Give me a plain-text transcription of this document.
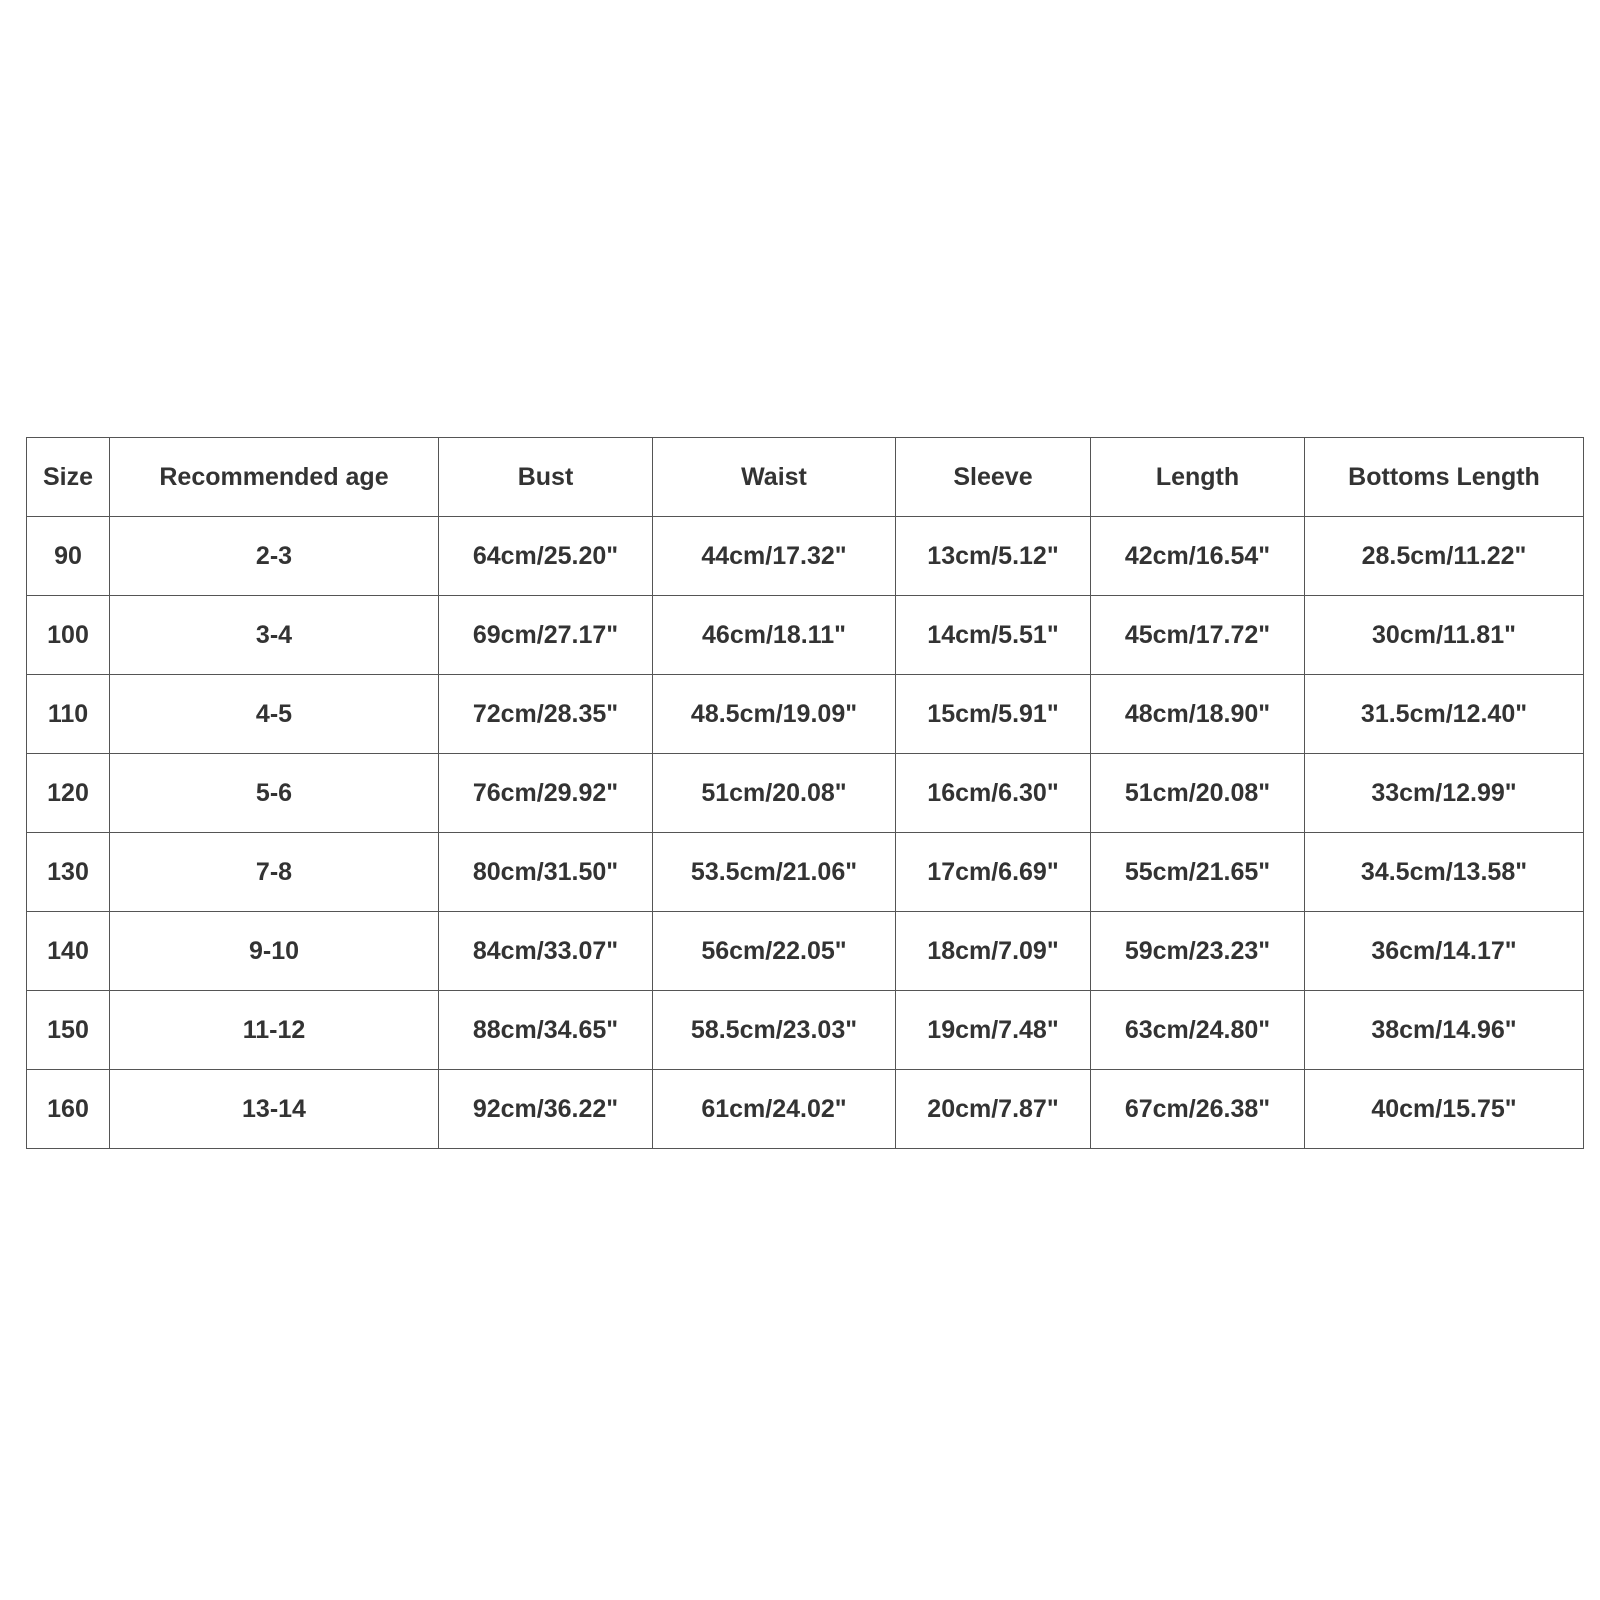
Size	Recommended age	Bust	Waist	Sleeve	Length	Bottoms Length
90	2-3	64cm/25.20"	44cm/17.32"	13cm/5.12"	42cm/16.54"	28.5cm/11.22"
100	3-4	69cm/27.17"	46cm/18.11"	14cm/5.51"	45cm/17.72"	30cm/11.81"
110	4-5	72cm/28.35"	48.5cm/19.09"	15cm/5.91"	48cm/18.90"	31.5cm/12.40"
120	5-6	76cm/29.92"	51cm/20.08"	16cm/6.30"	51cm/20.08"	33cm/12.99"
130	7-8	80cm/31.50"	53.5cm/21.06"	17cm/6.69"	55cm/21.65"	34.5cm/13.58"
140	9-10	84cm/33.07"	56cm/22.05"	18cm/7.09"	59cm/23.23"	36cm/14.17"
150	11-12	88cm/34.65"	58.5cm/23.03"	19cm/7.48"	63cm/24.80"	38cm/14.96"
160	13-14	92cm/36.22"	61cm/24.02"	20cm/7.87"	67cm/26.38"	40cm/15.75"
